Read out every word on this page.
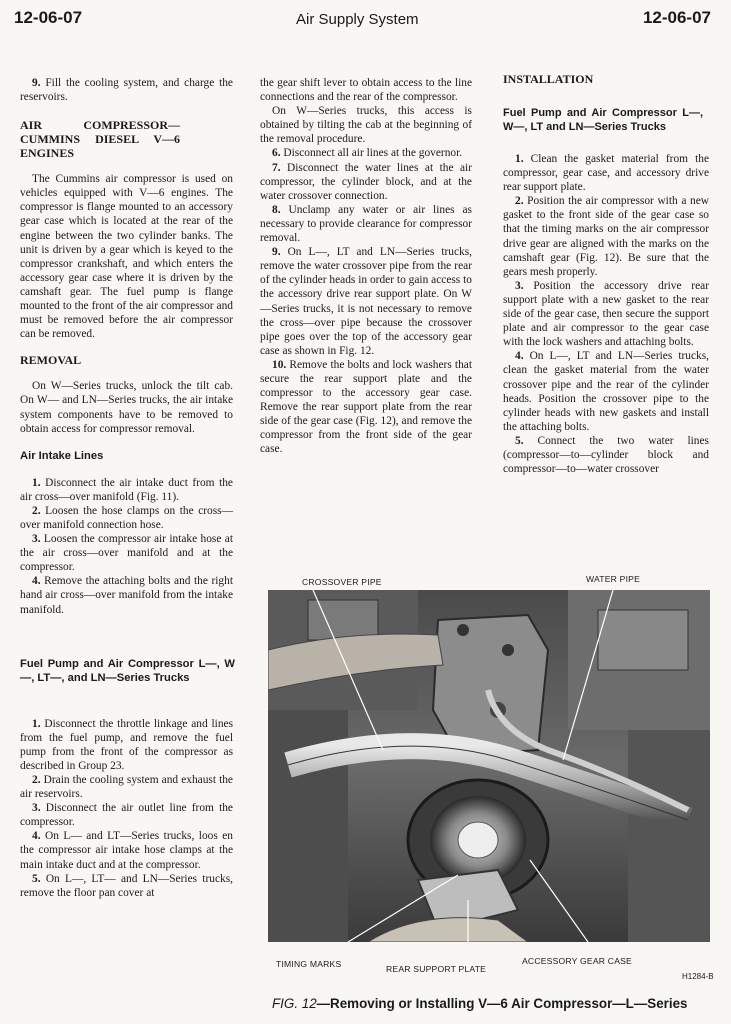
12-06-07	Air Supply System	12-06-07

9. Fill the cooling system, and charge the reservoirs.

AIR COMPRESSOR—CUMMINS DIESEL V—6 ENGINES

The Cummins air compressor is used on vehicles equipped with V—6 engines. The compressor is flange mounted to an accessory gear case which is located at the rear of the engine between the two cylinder banks. The unit is driven by a gear which is keyed to the compressor crankshaft, and which enters the accessory gear case where it is driven by the camshaft gear. The fuel pump is flange mounted to the front of the air compressor and must be removed before the air compressor can be removed.

REMOVAL

On W—Series trucks, unlock the tilt cab. On W— and LN—Series trucks, the air intake system components have to be removed to obtain access for compressor removal.

Air Intake Lines

1. Disconnect the air intake duct from the air cross—over manifold (Fig. 11).

2. Loosen the hose clamps on the cross—over manifold connection hose.

3. Loosen the compressor air intake hose at the air cross—over manifold and at the compressor.

4. Remove the attaching bolts and the right hand air cross—over manifold from the intake manifold.

Fuel Pump and Air Compressor L—, W—, LT—, and LN—Series Trucks

1. Disconnect the throttle linkage and lines from the fuel pump, and remove the fuel pump from the front of the compressor as described in Group 23.

2. Drain the cooling system and exhaust the air reservoirs.

3. Disconnect the air outlet line from the compressor.

4. On L— and LT—Series trucks, loos en the compressor air intake hose clamps at the main intake duct and at the compressor.

5. On L—, LT— and LN—Series trucks, remove the floor pan cover at

the gear shift lever to obtain access to the line connections and the rear of the compressor.

On W—Series trucks, this access is obtained by tilting the cab at the beginning of the removal procedure.

6. Disconnect all air lines at the governor.

7. Disconnect the water lines at the air compressor, the cylinder block, and at the water crossover connection.

8. Unclamp any water or air lines as necessary to provide clearance for compressor removal.

9. On L—, LT and LN—Series trucks, remove the water crossover pipe from the rear of the cylinder heads in order to gain access to the accessory drive rear support plate. On W—Series trucks, it is not necessary to remove the cross—over pipe because the crossover pipe goes over the top of the accessory gear case as shown in Fig. 12.

10. Remove the bolts and lock washers that secure the rear support plate and the compressor to the accessory gear case. Remove the rear support plate from the rear side of the gear case (Fig. 12), and remove the compressor from the front side of the gear case.

INSTALLATION

Fuel Pump and Air Compressor L—, W—, LT and LN—Series Trucks

1. Clean the gasket material from the compressor, gear case, and accessory drive rear support plate.

2. Position the air compressor with a new gasket to the front side of the gear case so that the timing marks on the air compressor drive gear are aligned with the marks on the camshaft gear (Fig. 12). Be sure that the gears mesh properly.

3. Position the accessory drive rear support plate with a new gasket to the rear side of the gear case, then secure the support plate and air compressor to the gear case with the lock washers and attaching bolts.

4. On L—, LT and LN—Series trucks, clean the gasket material from the water crossover pipe and the rear of the cylinder heads. Position the crossover pipe to the cylinder heads with new gaskets and install the attaching bolts.

5. Connect the two water lines (compressor—to—cylinder block and compressor—to—water crossover

CROSSOVER PIPE	WATER PIPE
TIMING MARKS	REAR SUPPORT PLATE
ACCESSORY GEAR CASE
H1284-B
FIG. 12—Removing or Installing V—6 Air Compressor—L—Series
